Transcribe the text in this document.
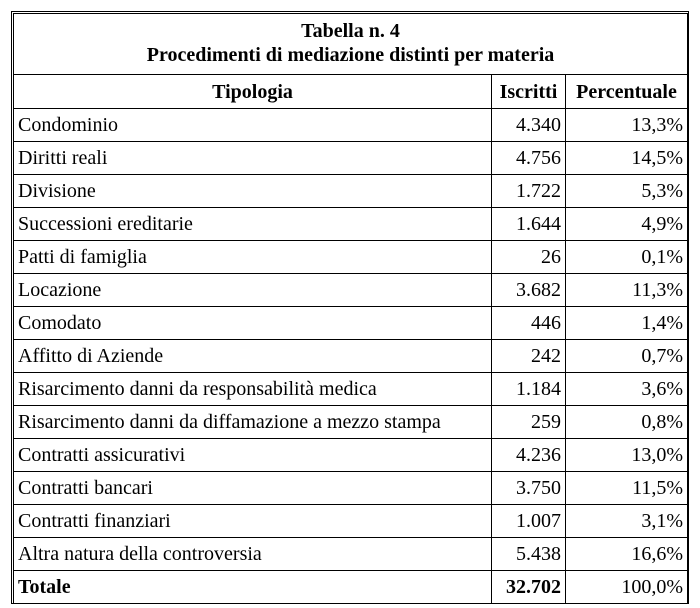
Tabella n. 4
Procedimenti di mediazione distinti per materia		

Tipologia	Iscritti	Percentuale
Condominio	4.340	13,3%
Diritti reali	4.756	14,5%
Divisione	1.722	5,3%
Successioni ereditarie	1.644	4,9%
Patti di famiglia	26	0,1%
Locazione	3.682	11,3%
Comodato	446	1,4%
Affitto di Aziende	242	0,7%
Risarcimento danni da responsabilità medica	1.184	3,6%
Risarcimento danni da diffamazione a mezzo stampa	259	0,8%
Contratti assicurativi	4.236	13,0%
Contratti bancari	3.750	11,5%
Contratti finanziari	1.007	3,1%
Altra natura della controversia	5.438	16,6%
Totale	32.702	100,0%
